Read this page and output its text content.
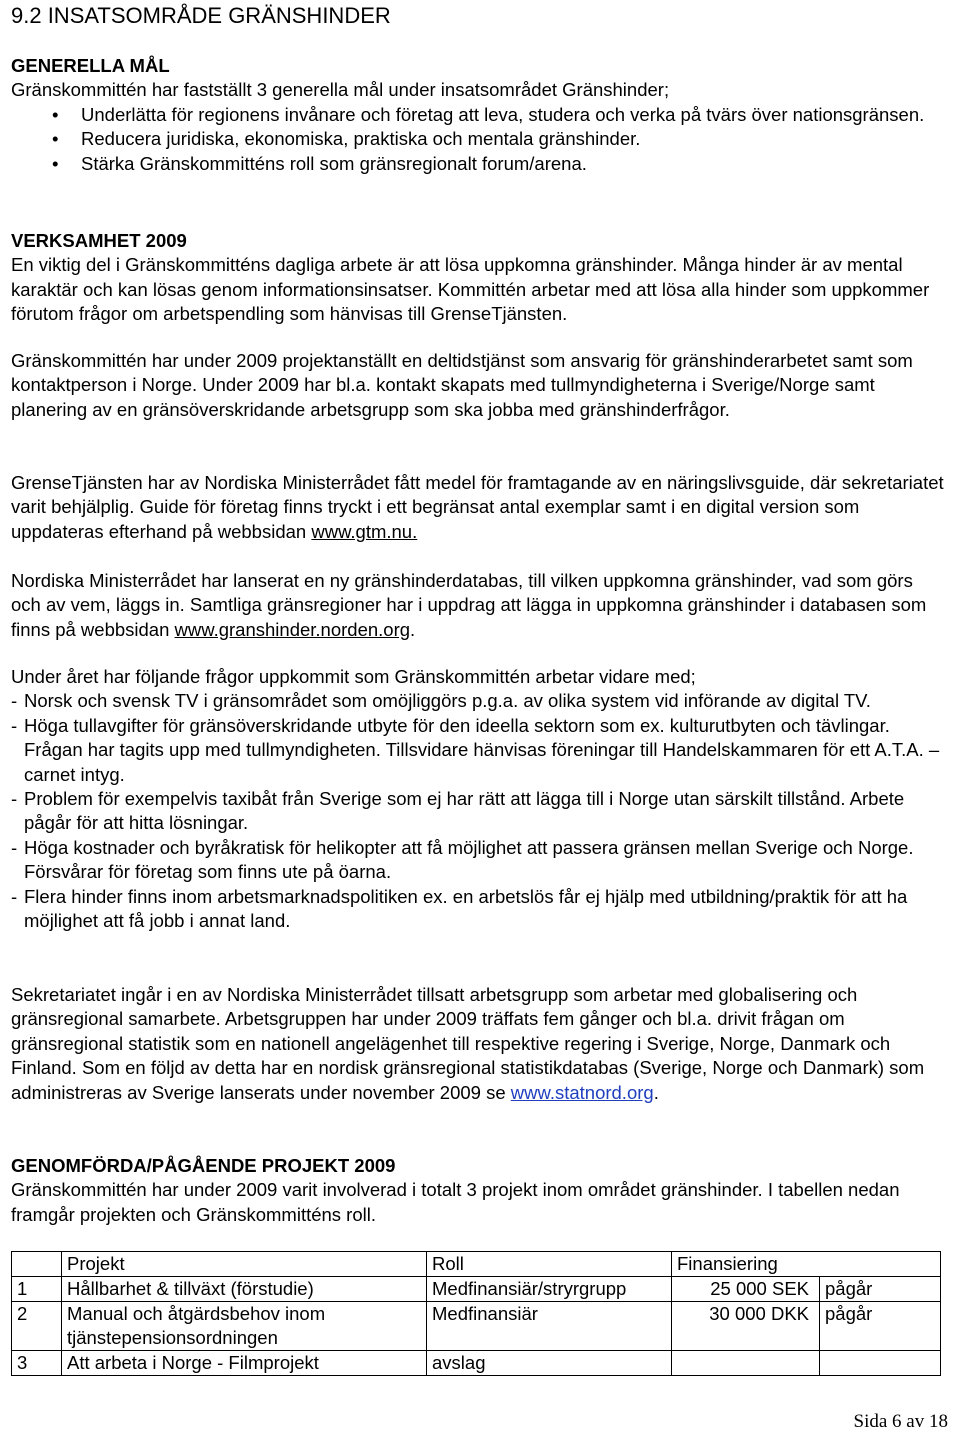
9.2 INSATSOMRÅDE GRÄNSHINDER
GENERELLA MÅL

Gränskommittén har fastställt 3 generella mål under insatsområdet Gränshinder;

• Underlätta för regionens invånare och företag att leva, studera och verka på tvärs över nationsgränsen.
• Reducera juridiska, ekonomiska, praktiska och mentala gränshinder.
• Stärka Gränskommitténs roll som gränsregionalt forum/arena.
VERKSAMHET 2009

En viktig del i Gränskommitténs dagliga arbete är att lösa uppkomna gränshinder. Många hinder är av mental karaktär och kan lösas genom informationsinsatser. Kommittén arbetar med att lösa alla hinder som uppkommer förutom frågor om arbetspendling som hänvisas till GrenseTjänsten.

Gränskommittén har under 2009 projektanställt en deltidstjänst som ansvarig för gränshinderarbetet samt som kontaktperson i Norge. Under 2009 har bl.a. kontakt skapats med tullmyndigheterna i Sverige/Norge samt planering av en gränsöverskridande arbetsgrupp som ska jobba med gränshinderfrågor.

GrenseTjänsten har av Nordiska Ministerrådet fått medel för framtagande av en näringslivsguide, där sekretariatet varit behjälplig. Guide för företag finns tryckt i ett begränsat antal exemplar samt i en digital version som uppdateras efterhand på webbsidan www.gtm.nu.

Nordiska Ministerrådet har lanserat en ny gränshinderdatabas, till vilken uppkomna gränshinder, vad som görs och av vem, läggs in. Samtliga gränsregioner har i uppdrag att lägga in uppkomna gränshinder i databasen som finns på webbsidan www.granshinder.norden.org.

Under året har följande frågor uppkommit som Gränskommittén arbetar vidare med;

- Norsk och svensk TV i gränsområdet som omöjliggörs p.g.a. av olika system vid införande av digital TV.
- Höga tullavgifter för gränsöverskridande utbyte för den ideella sektorn som ex. kulturutbyten och tävlingar. Frågan har tagits upp med tullmyndigheten. Tillsvidare hänvisas föreningar till Handelskammaren för ett A.T.A. –carnet intyg.
- Problem för exempelvis taxibåt från Sverige som ej har rätt att lägga till i Norge utan särskilt tillstånd. Arbete pågår för att hitta lösningar.
- Höga kostnader och byråkratisk för helikopter att få möjlighet att passera gränsen mellan Sverige och Norge. Försvårar för företag som finns ute på öarna.
- Flera hinder finns inom arbetsmarknadspolitiken ex. en arbetslös får ej hjälp med utbildning/praktik för att ha möjlighet att få jobb i annat land.

Sekretariatet ingår i en av Nordiska Ministerrådet tillsatt arbetsgrupp som arbetar med globalisering och gränsregional samarbete. Arbetsgruppen har under 2009 träffats fem gånger och bl.a. drivit frågan om gränsregional statistik som en nationell angelägenhet till respektive regering i Sverige, Norge, Danmark och Finland. Som en följd av detta har en nordisk gränsregional statistikdatabas (Sverige, Norge och Danmark) som administreras av Sverige lanserats under november 2009 se www.statnord.org.

GENOMFÖRDA/PÅGÅENDE PROJEKT 2009

Gränskommittén har under 2009 varit involverad i totalt 3 projekt inom området gränshinder. I tabellen nedan framgår projekten och Gränskommitténs roll.

	Projekt	Roll	Finansiering	
1	Hållbarhet & tillväxt (förstudie)	Medfinansiär/stryrgrupp	25 000 SEK	pågår
2	Manual och åtgärdsbehov inom tjänstepensionsordningen	Medfinansiär	30 000 DKK	pågår
3	Att arbeta i Norge - Filmprojekt	avslag		
Sida 6 av 18
